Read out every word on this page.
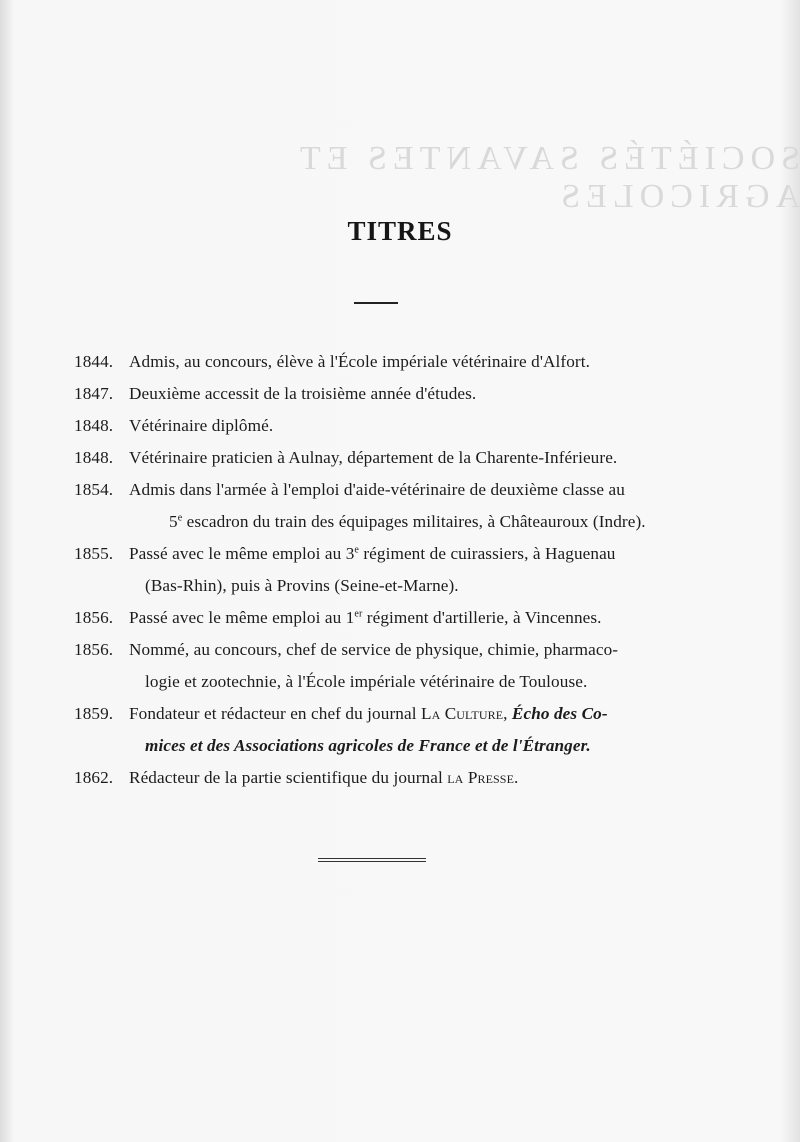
SOCIÉTÉS SAVANTES ET AGRICOLES
TITRES
1844. Admis, au concours, élève à l'École impériale vétérinaire d'Alfort.
1847. Deuxième accessit de la troisième année d'études.
1848. Vétérinaire diplômé.
1848. Vétérinaire praticien à Aulnay, département de la Charente-Inférieure.
1854. Admis dans l'armée à l'emploi d'aide-vétérinaire de deuxième classe au
5e escadron du train des équipages militaires, à Châteauroux (Indre).
1855. Passé avec le même emploi au 3e régiment de cuirassiers, à Haguenau
(Bas-Rhin), puis à Provins (Seine-et-Marne).
1856. Passé avec le même emploi au 1er régiment d'artillerie, à Vincennes.
1856. Nommé, au concours, chef de service de physique, chimie, pharmaco-
logie et zootechnie, à l'École impériale vétérinaire de Toulouse.
1859. Fondateur et rédacteur en chef du journal La Culture, Écho des Co-
mices et des Associations agricoles de France et de l'Étranger.
1862. Rédacteur de la partie scientifique du journal la Presse.
